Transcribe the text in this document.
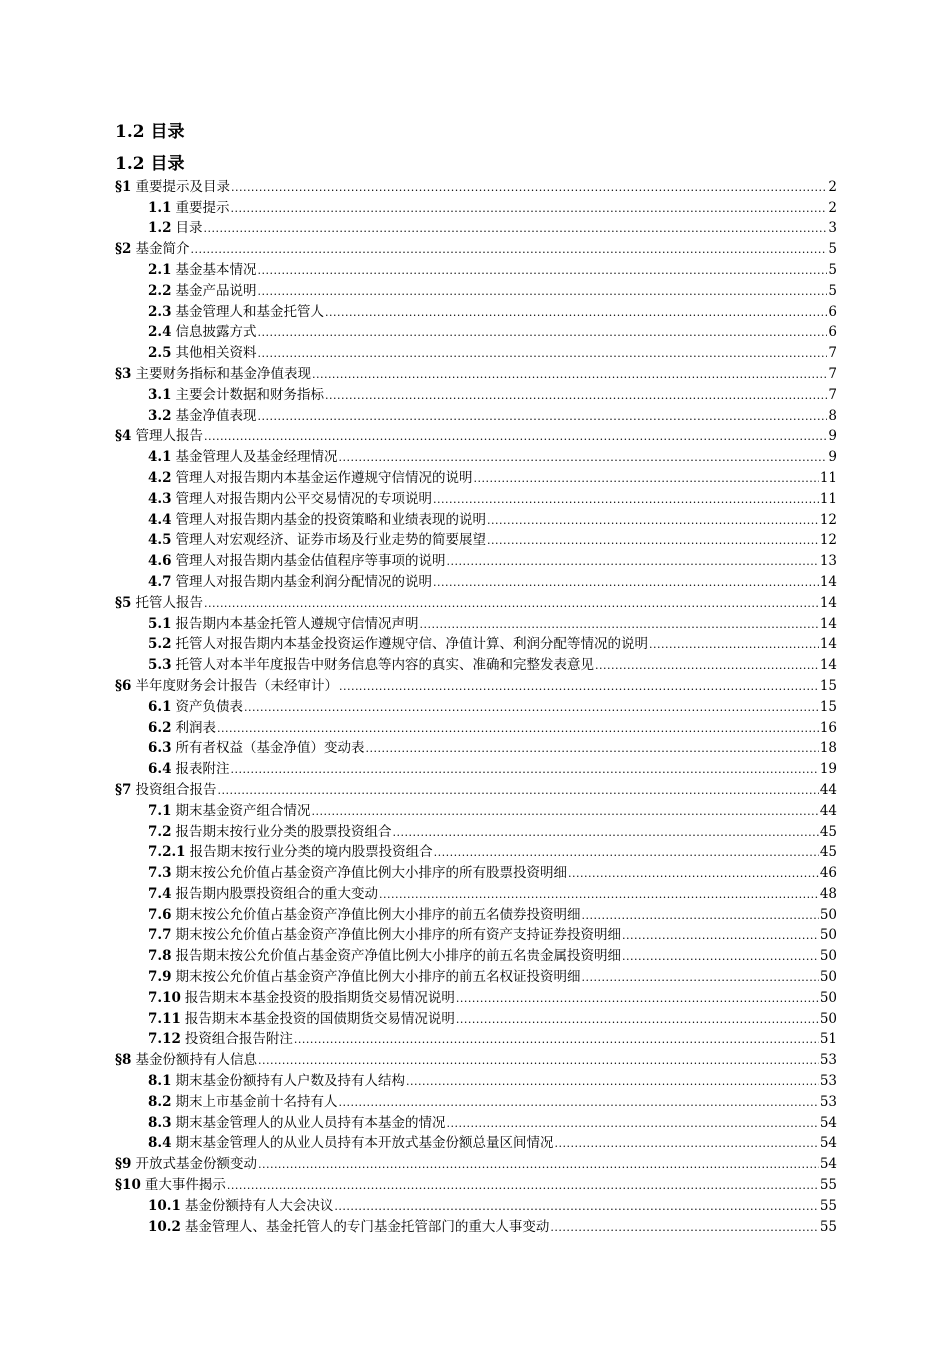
1.2 目录
1.2 目录
§1 重要提示及目录 .....	2
1.1 重要提示 .....	2
1.2 目录 .....	3
§2 基金简介 .....	5
2.1 基金基本情况 .....	5
2.2 基金产品说明 .....	5
2.3 基金管理人和基金托管人 .....	6
2.4 信息披露方式 .....	6
2.5 其他相关资料 .....	7
§3 主要财务指标和基金净值表现 .....	7
3.1 主要会计数据和财务指标 .....	7
3.2 基金净值表现 .....	8
§4 管理人报告 .....	9
4.1 基金管理人及基金经理情况 .....	9
4.2 管理人对报告期内本基金运作遵规守信情况的说明 .....	11
4.3 管理人对报告期内公平交易情况的专项说明 .....	11
4.4 管理人对报告期内基金的投资策略和业绩表现的说明 .....	12
4.5 管理人对宏观经济、证券市场及行业走势的简要展望 .....	12
4.6 管理人对报告期内基金估值程序等事项的说明 .....	13
4.7 管理人对报告期内基金利润分配情况的说明 .....	14
§5 托管人报告 .....	14
5.1 报告期内本基金托管人遵规守信情况声明 .....	14
5.2 托管人对报告期内本基金投资运作遵规守信、净值计算、利润分配等情况的说明 .....	14
5.3 托管人对本半年度报告中财务信息等内容的真实、准确和完整发表意见 .....	14
§6 半年度财务会计报告（未经审计） .....	15
6.1 资产负债表 .....	15
6.2 利润表 .....	16
6.3 所有者权益（基金净值）变动表 .....	18
6.4 报表附注 .....	19
§7 投资组合报告 .....	44
7.1 期末基金资产组合情况 .....	44
7.2 报告期末按行业分类的股票投资组合 .....	45
7.2.1 报告期末按行业分类的境内股票投资组合 .....	45
7.3 期末按公允价值占基金资产净值比例大小排序的所有股票投资明细 .....	46
7.4 报告期内股票投资组合的重大变动 .....	48
7.6 期末按公允价值占基金资产净值比例大小排序的前五名债券投资明细 .....	50
7.7 期末按公允价值占基金资产净值比例大小排序的所有资产支持证券投资明细 .....	50
7.8 报告期末按公允价值占基金资产净值比例大小排序的前五名贵金属投资明细 .....	50
7.9 期末按公允价值占基金资产净值比例大小排序的前五名权证投资明细 .....	50
7.10 报告期末本基金投资的股指期货交易情况说明 .....	50
7.11 报告期末本基金投资的国债期货交易情况说明 .....	50
7.12 投资组合报告附注 .....	51
§8 基金份额持有人信息 .....	53
8.1 期末基金份额持有人户数及持有人结构 .....	53
8.2 期末上市基金前十名持有人 .....	53
8.3 期末基金管理人的从业人员持有本基金的情况 .....	54
8.4 期末基金管理人的从业人员持有本开放式基金份额总量区间情况 .....	54
§9 开放式基金份额变动 .....	54
§10 重大事件揭示 .....	55
10.1 基金份额持有人大会决议 .....	55
10.2 基金管理人、基金托管人的专门基金托管部门的重大人事变动 .....	55
